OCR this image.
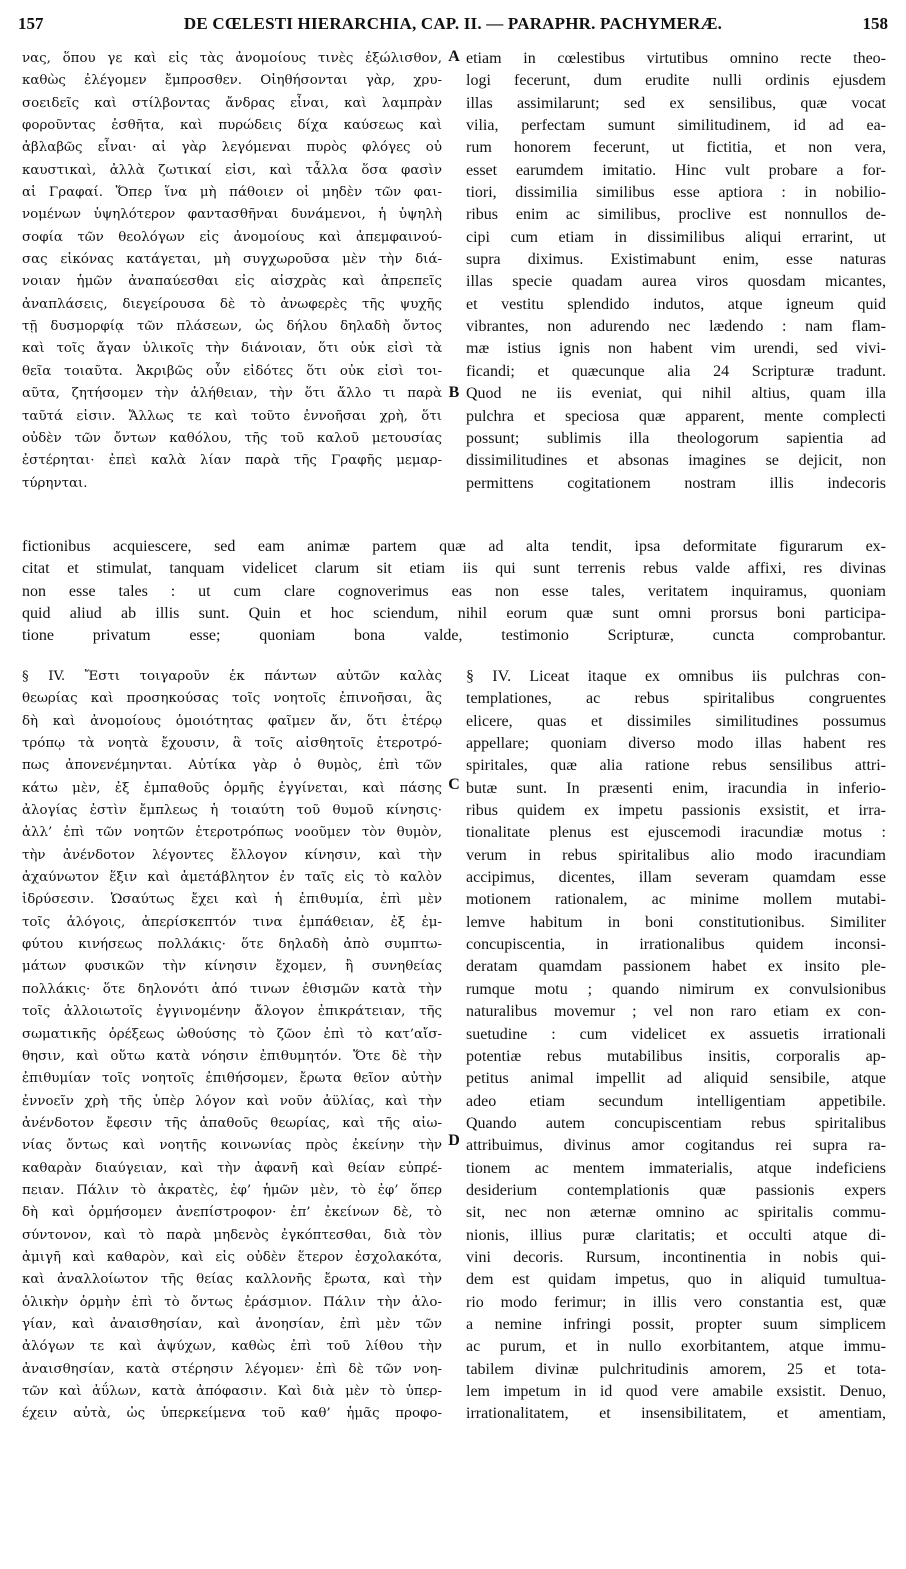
157	DE CŒLESTI HIERARCHIA, CAP. II. — PARAPHR. PACHYMERÆ.	158
νας, ὅπου γε καὶ εἰς τὰς ἀνομοίους τινὲς ἐξώλισθον,
καθὼς ἐλέγομεν ἔμπροσθεν. Οἰηθήσονται γὰρ, χρυ-
σοειδεῖς καὶ στίλβοντας ἄνδρας εἶναι, καὶ λαμπρὰν
φοροῦντας ἐσθῆτα, καὶ πυρώδεις δίχα καύσεως καὶ
ἀβλαβῶς εἶναι· αἱ γὰρ λεγόμεναι πυρὸς φλόγες οὐ
καυστικαὶ, ἀλλὰ ζωτικαί εἰσι, καὶ τἆλλα ὅσα φασὶν
αἱ Γραφαί. Ὅπερ ἵνα μὴ πάθοιεν οἱ μηδὲν τῶν φαι-
νομένων ὑψηλότερον φαντασθῆναι δυνάμενοι, ἡ ὑψηλὴ
σοφία τῶν θεολόγων εἰς ἀνομοίους καὶ ἀπεμφαινού-
σας εἰκόνας κατάγεται, μὴ συγχωροῦσα μὲν τὴν διά-
νοιαν ἡμῶν ἀναπαύεσθαι εἰς αἰσχρὰς καὶ ἀπρεπεῖς
ἀναπλάσεις, διεγείρουσα δὲ τὸ ἀνωφερὲς τῆς ψυχῆς
τῇ δυσμορφίᾳ τῶν πλάσεων, ὡς δήλου δηλαδὴ ὄντος
καὶ τοῖς ἄγαν ὑλικοῖς τὴν διάνοιαν, ὅτι οὐκ εἰσὶ τὰ
θεῖα τοιαῦτα. Ἀκριβῶς οὖν εἰδότες ὅτι οὐκ εἰσὶ τοι-
αῦτα, ζητήσομεν τὴν ἀλήθειαν, τὴν ὅτι ἄλλο τι παρὰ
ταῦτά εἰσιν. Ἄλλως τε καὶ τοῦτο ἐννοῆσαι χρὴ, ὅτι
οὐδὲν τῶν ὄντων καθόλου, τῆς τοῦ καλοῦ μετουσίας
ἐστέρηται· ἐπεὶ καλὰ λίαν παρὰ τῆς Γραφῆς μεμαρ-
τύρηνται.
etiam in cœlestibus virtutibus omnino recte theo-
logi fecerunt, dum erudite nulli ordinis ejusdem
illas assimilarunt; sed ex sensilibus, quæ vocat
vilia, perfectam sumunt similitudinem, id ad ea-
rum honorem fecerunt, ut fictitia, et non vera,
esset earumdem imitatio. Hinc vult probare a for-
tiori, dissimilia similibus esse aptiora : in nobilio-
ribus enim ac similibus, proclive est nonnullos de-
cipi cum etiam in dissimilibus aliqui errarint, ut
supra diximus. Existimabunt enim, esse naturas
illas specie quadam aurea viros quosdam micantes,
et vestitu splendido indutos, atque igneum quid
vibrantes, non adurendo nec lædendo : nam flam-
mæ istius ignis non habent vim urendi, sed vivi-
ficandi; et quæcunque alia 24 Scripturæ tradunt.
Quod ne iis eveniat, qui nihil altius, quam illa
pulchra et speciosa quæ apparent, mente complecti
possunt; sublimis illa theologorum sapientia ad
dissimilitudines et absonas imagines se dejicit, non
permittens cogitationem nostram illis indecoris
fictionibus acquiescere, sed eam animæ partem quæ ad alta tendit, ipsa deformitate figurarum ex-
citat et stimulat, tanquam videlicet clarum sit etiam iis qui sunt terrenis rebus valde affixi, res divinas
non esse tales : ut cum clare cognoverimus eas non esse tales, veritatem inquiramus, quoniam
quid aliud ab illis sunt. Quin et hoc sciendum, nihil eorum quæ sunt omni prorsus boni participa-
tione privatum esse; quoniam bona valde, testimonio Scripturæ, cuncta comprobantur.
§ IV. Ἔστι τοιγαροῦν ἐκ πάντων αὐτῶν καλὰς
θεωρίας καὶ προσηκούσας τοῖς νοητοῖς ἐπινοῆσαι, ἃς
δὴ καὶ ἀνομοίους ὁμοιότητας φαῖμεν ἄν, ὅτι ἑτέρῳ
τρόπῳ τὰ νοητὰ ἔχουσιν, ἃ τοῖς αἰσθητοῖς ἑτεροτρό-
πως ἀπονενέμηνται. Αὐτίκα γὰρ ὁ θυμὸς, ἐπὶ τῶν
κάτω μὲν, ἐξ ἐμπαθοῦς ὁρμῆς ἐγγίνεται, καὶ πάσης
ἀλογίας ἐστὶν ἔμπλεως ἡ τοιαύτη τοῦ θυμοῦ κίνησις·
ἀλλ’ ἐπὶ τῶν νοητῶν ἑτεροτρόπως νοοῦμεν τὸν θυμὸν,
τὴν ἀνένδοτον λέγοντες ἔλλογον κίνησιν, καὶ τὴν
ἀχαύνωτον ἕξιν καὶ ἀμετάβλητον ἐν ταῖς εἰς τὸ καλὸν
ἱδρύσεσιν. Ὡσαύτως ἔχει καὶ ἡ ἐπιθυμία, ἐπὶ μὲν
τοῖς ἀλόγοις, ἀπερίσκεπτόν τινα ἐμπάθειαν, ἐξ ἐμ-
φύτου κινήσεως πολλάκις· ὅτε δηλαδὴ ἀπὸ συμπτω-
μάτων φυσικῶν τὴν κίνησιν ἔχομεν, ἢ συνηθείας
πολλάκις· ὅτε δηλονότι ἀπό τινων ἐθισμῶν κατὰ τὴν
τοῖς ἀλλοιωτοῖς ἐγγινομένην ἄλογον ἐπικράτειαν, τῆς
σωματικῆς ὀρέξεως ὠθούσης τὸ ζῶον ἐπὶ τὸ κατ’αἴσ-
θησιν, καὶ οὕτω κατὰ νόησιν ἐπιθυμητόν. Ὅτε δὲ τὴν
ἐπιθυμίαν τοῖς νοητοῖς ἐπιθήσομεν, ἔρωτα θεῖον αὐτὴν
ἐννοεῖν χρὴ τῆς ὑπὲρ λόγον καὶ νοῦν ἀϋλίας, καὶ τὴν
ἀνένδοτον ἔφεσιν τῆς ἀπαθοῦς θεωρίας, καὶ τῆς αἰω-
νίας ὄντως καὶ νοητῆς κοινωνίας πρὸς ἐκείνην τὴν
καθαρὰν διαύγειαν, καὶ τὴν ἀφανῆ καὶ θείαν εὐπρέ-
πειαν. Πάλιν τὸ ἀκρατὲς, ἐφ’ ἡμῶν μὲν, τὸ ἐφ’ ὅπερ
δὴ καὶ ὁρμήσομεν ἀνεπίστροφον· ἐπ’ ἐκείνων δὲ, τὸ
σύντονον, καὶ τὸ παρὰ μηδενὸς ἐγκόπτεσθαι, διὰ τὸν
ἀμιγῆ καὶ καθαρὸν, καὶ εἰς οὐδὲν ἕτερον ἐσχολακότα,
καὶ ἀναλλοίωτον τῆς θείας καλλονῆς ἔρωτα, καὶ τὴν
ὁλικὴν ὁρμὴν ἐπὶ τὸ ὄντως ἐράσμιον. Πάλιν τὴν ἀλο-
γίαν, καὶ ἀναισθησίαν, καὶ ἀνοησίαν, ἐπὶ μὲν τῶν
ἀλόγων τε καὶ ἀψύχων, καθὼς ἐπὶ τοῦ λίθου τὴν
ἀναισθησίαν, κατὰ στέρησιν λέγομεν· ἐπὶ δὲ τῶν νοη-
τῶν καὶ ἀΰλων, κατὰ ἀπόφασιν. Καὶ διὰ μὲν τὸ ὑπερ-
έχειν αὐτὰ, ὡς ὑπερκείμενα τοῦ καθ’ ἡμᾶς προφο-
§ IV. Liceat itaque ex omnibus iis pulchras con-
templationes, ac rebus spiritalibus congruentes
elicere, quas et dissimiles similitudines possumus
appellare; quoniam diverso modo illas habent res
spiritales, quæ alia ratione rebus sensilibus attri-
butæ sunt. In præsenti enim, iracundia in inferio-
ribus quidem ex impetu passionis exsistit, et irra-
tionalitate plenus est ejuscemodi iracundiæ motus :
verum in rebus spiritalibus alio modo iracundiam
accipimus, dicentes, illam severam quamdam esse
motionem rationalem, ac minime mollem mutabi-
lemve habitum in boni constitutionibus. Similiter
concupiscentia, in irrationalibus quidem inconsi-
deratam quamdam passionem habet ex insito ple-
rumque motu ; quando nimirum ex convulsionibus
naturalibus movemur ; vel non raro etiam ex con-
suetudine : cum videlicet ex assuetis irrationali
potentiæ rebus mutabilibus insitis, corporalis ap-
petitus animal impellit ad aliquid sensibile, atque
adeo etiam secundum intelligentiam appetibile.
Quando autem concupiscentiam rebus spiritalibus
attribuimus, divinus amor cogitandus rei supra ra-
tionem ac mentem immaterialis, atque indeficiens
desiderium contemplationis quæ passionis expers
sit, nec non æternæ omnino ac spiritalis commu-
nionis, illius puræ claritatis; et occulti atque di-
vini decoris. Rursum, incontinentia in nobis qui-
dem est quidam impetus, quo in aliquid tumultua-
rio modo ferimur; in illis vero constantia est, quæ
a nemine infringi possit, propter suum simplicem
ac purum, et in nullo exorbitantem, atque immu-
tabilem divinæ pulchritudinis amorem, 25 et tota-
lem impetum in id quod vere amabile exsistit. Denuo,
irrationalitatem, et insensibilitatem, et amentiam,
A
B
C
D
